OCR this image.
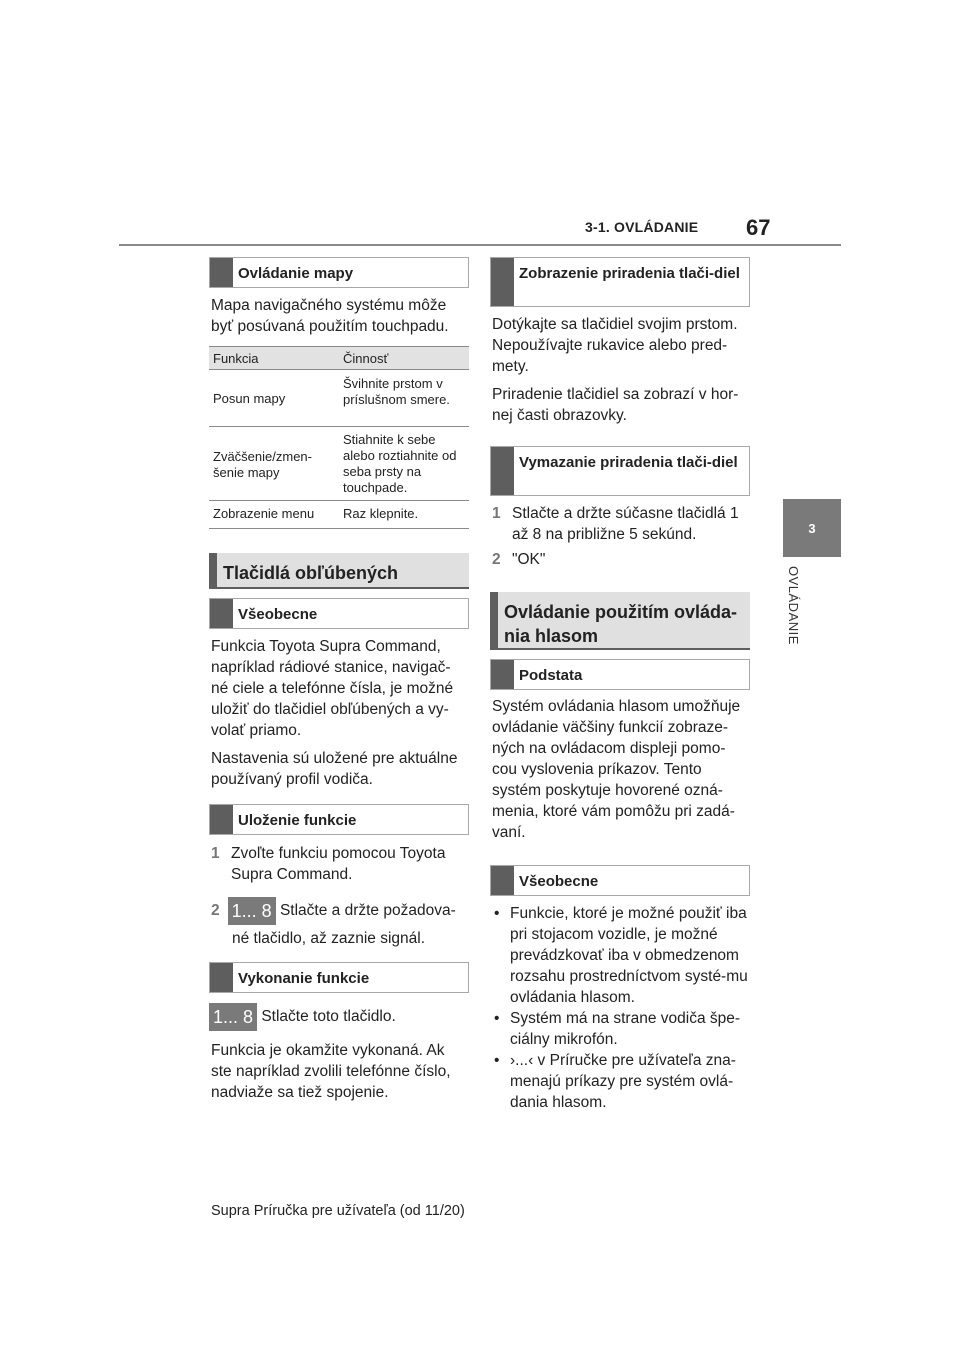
3-1. OVLÁDANIE 67
3
OVLÁDANIE
Ovládanie mapy

Mapa navigačného systému môže byť posúvaná použitím touchpadu.

Funkcia	Činnosť
Posun mapy
Švihnite prstom v príslušnom smere.
Zväčšenie/zmen-šenie mapy
Stiahnite k sebe alebo roztiahnite od seba prsty na touchpade.
Zobrazenie menu	Raz klepnite.
Tlačidlá obľúbených
Všeobecne

Funkcia Toyota Supra Command, napríklad rádiové stanice, navigač-né ciele a telefónne čísla, je možné uložiť do tlačidiel obľúbených a vy-volať priamo.

Nastavenia sú uložené pre aktuálne používaný profil vodiča.

Uloženie funkcie
1 Zvoľte funkciu pomocou Toyota Supra Command.
2 1... 8 Stlačte a držte požadova-
né tlačidlo, až zaznie signál.
Vykonanie funkcie
1... 8 Stlačte toto tlačidlo.

Funkcia je okamžite vykonaná. Ak ste napríklad zvolili telefónne číslo, nadviaže sa tiež spojenie.

Zobrazenie priradenia tlači-diel

Dotýkajte sa tlačidiel svojim prstom. Nepoužívajte rukavice alebo pred-mety.

Priradenie tlačidiel sa zobrazí v hor-nej časti obrazovky.

Vymazanie priradenia tlači-diel
1 Stlačte a držte súčasne tlačidlá 1 až 8 na približne 5 sekúnd.
2 "OK"
Ovládanie použitím ovláda-nia hlasom
Podstata

Systém ovládania hlasom umožňuje ovládanie väčšiny funkcií zobraze-ných na ovládacom displeji pomo-cou vyslovenia príkazov. Tento systém poskytuje hovorené ozná-menia, ktoré vám pomôžu pri zadá-vaní.

Všeobecne
• Funkcie, ktoré je možné použiť iba pri stojacom vozidle, je možné prevádzkovať iba v obmedzenom rozsahu prostredníctvom systé-mu ovládania hlasom.
• Systém má na strane vodiča špe-ciálny mikrofón.
• ›...‹ v Príručke pre užívateľa zna-menajú príkazy pre systém ovlá-dania hlasom.
Supra Príručka pre užívateľa (od 11/20)
